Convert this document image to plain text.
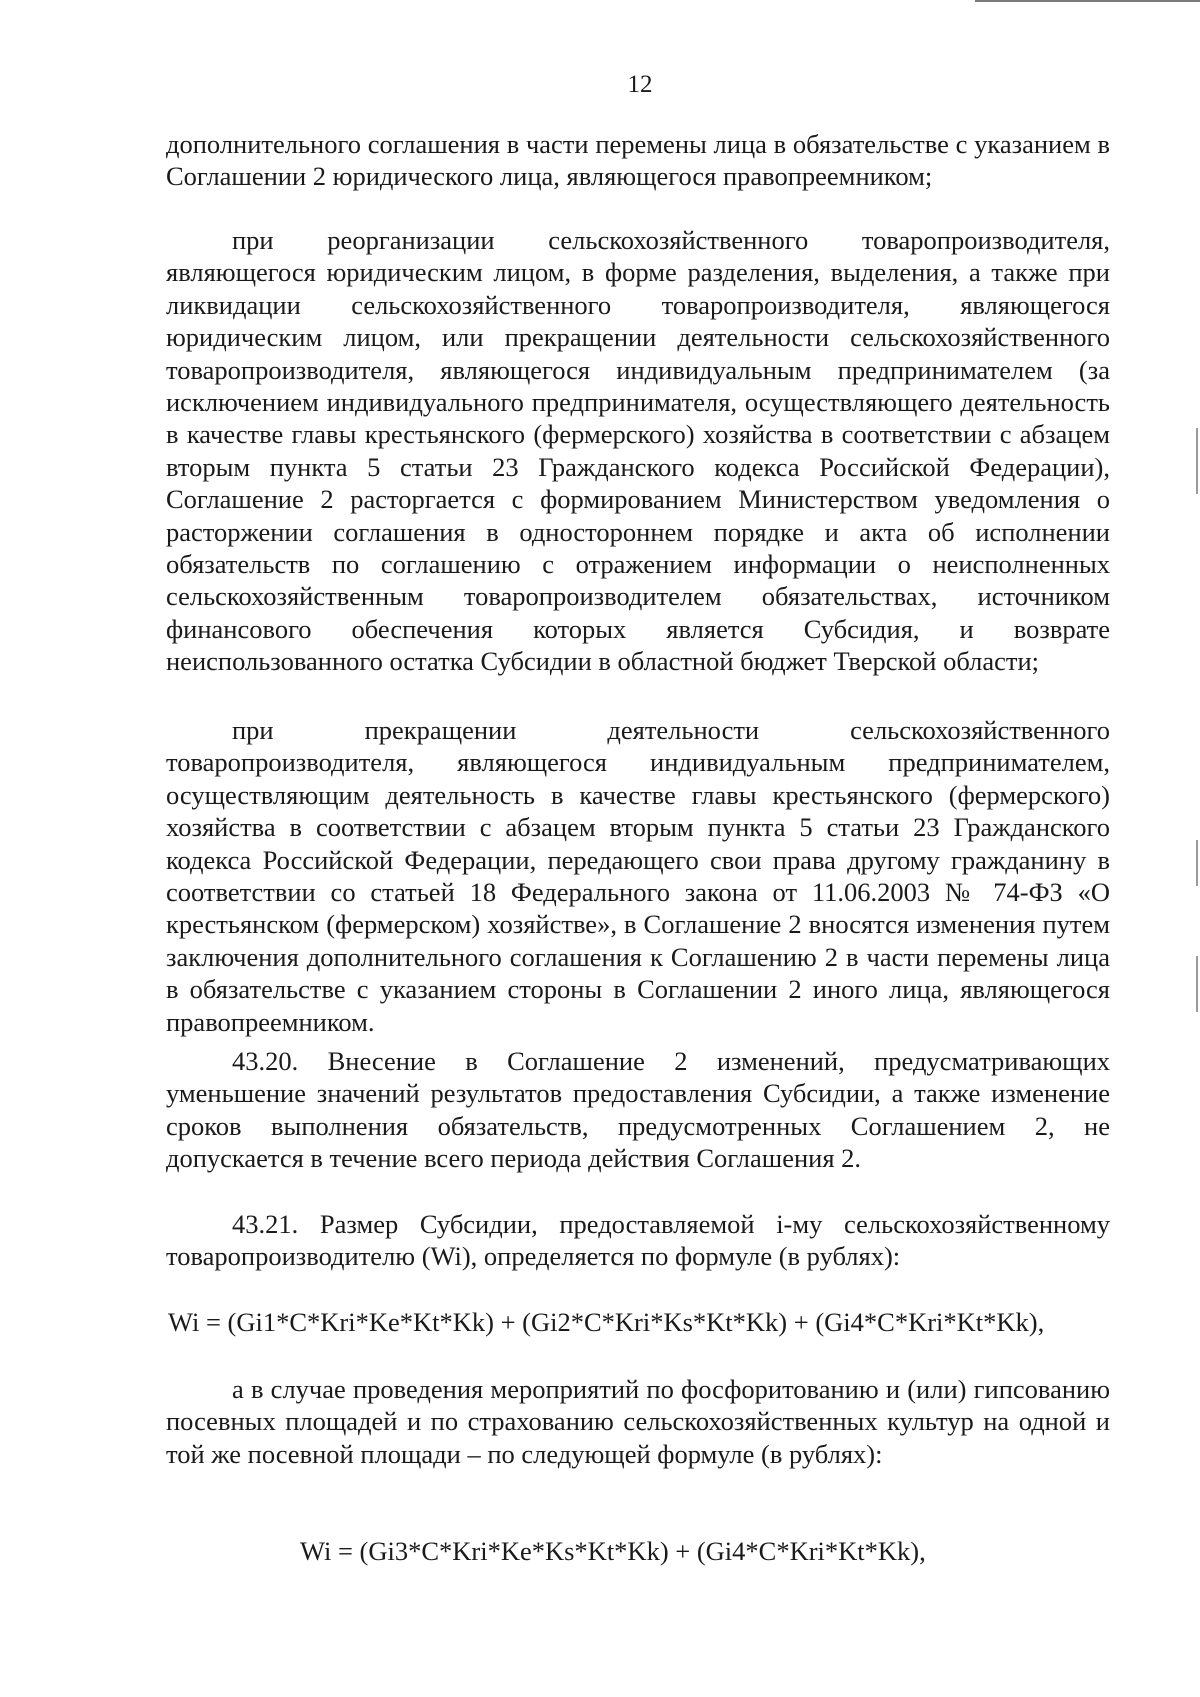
12

дополнительного соглашения в части перемены лица в обязательстве с указанием в Соглашении 2 юридического лица, являющегося правопреемником;

при реорганизации сельскохозяйственного товаропроизводителя, являющегося юридическим лицом, в форме разделения, выделения, а также при ликвидации сельскохозяйственного товаропроизводителя, являющегося юридическим лицом, или прекращении деятельности сельскохозяйственного товаропроизводителя, являющегося индивидуальным предпринимателем (за исключением индивидуального предпринимателя, осуществляющего деятельность в качестве главы крестьянского (фермерского) хозяйства в соответствии с абзацем вторым пункта 5 статьи 23 Гражданского кодекса Российской Федерации), Соглашение 2 расторгается с формированием Министерством уведомления о расторжении соглашения в одностороннем порядке и акта об исполнении обязательств по соглашению с отражением информации о неисполненных сельскохозяйственным товаропроизводителем обязательствах, источником финансового обеспечения которых является Субсидия, и возврате неиспользованного остатка Субсидии в областной бюджет Тверской области;

при прекращении деятельности сельскохозяйственного товаропроизводителя, являющегося индивидуальным предпринимателем, осуществляющим деятельность в качестве главы крестьянского (фермерского) хозяйства в соответствии с абзацем вторым пункта 5 статьи 23 Гражданского кодекса Российской Федерации, передающего свои права другому гражданину в соответствии со статьей 18 Федерального закона от 11.06.2003 № 74-ФЗ «О крестьянском (фермерском) хозяйстве», в Соглашение 2 вносятся изменения путем заключения дополнительного соглашения к Соглашению 2 в части перемены лица в обязательстве с указанием стороны в Соглашении 2 иного лица, являющегося правопреемником.

43.20. Внесение в Соглашение 2 изменений, предусматривающих уменьшение значений результатов предоставления Субсидии, а также изменение сроков выполнения обязательств, предусмотренных Соглашением 2, не допускается в течение всего периода действия Соглашения 2.

43.21. Размер Субсидии, предоставляемой i-му сельскохозяйственному товаропроизводителю (Wi), определяется по формуле (в рублях):

Wi = (Gi1*C*Kri*Ke*Kt*Kk) + (Gi2*C*Kri*Ks*Kt*Kk) + (Gi4*C*Kri*Kt*Kk),

а в случае проведения мероприятий по фосфоритованию и (или) гипсованию посевных площадей и по страхованию сельскохозяйственных культур на одной и той же посевной площади – по следующей формуле (в рублях):

Wi = (Gi3*C*Kri*Ke*Ks*Kt*Kk) + (Gi4*C*Kri*Kt*Kk),
